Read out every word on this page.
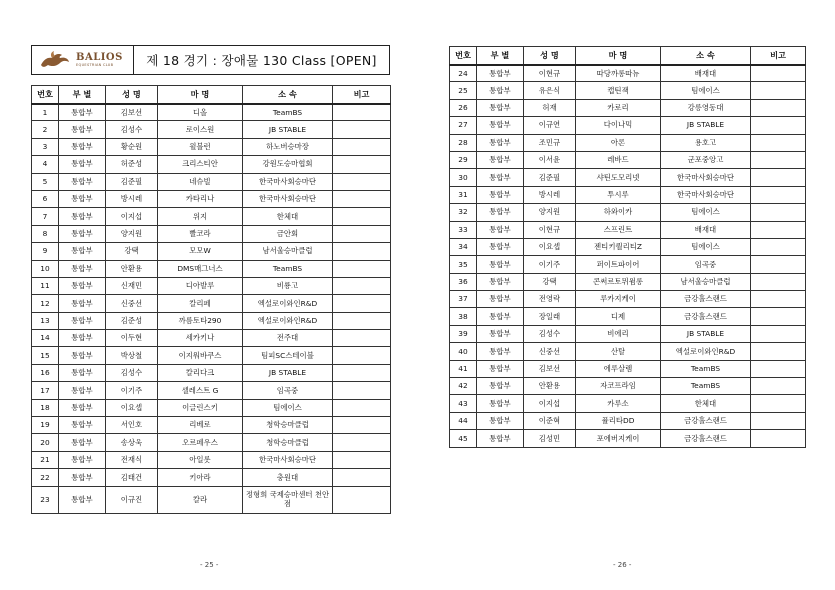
BALIOS
EQUESTRIAN CLUB	제 18 경기 : 장애물 130 Class [OPEN]
번호	부 별	성 명	마 명	소 속	비고
1	통합부	김보선	디올	TeamBS	
2	통합부	김성수	로이스원	JB STABLE	
3	통합부	황순원	윌블런	하노버승마장	
4	통합부	허준성	크리스티안	강원도승마협회	
5	통합부	김준필	네슈빌	한국마사회승마단	
6	통합부	방시레	카타리나	한국마사회승마단	
7	통합부	이지섭	위지	한체대	
8	통합부	양지원	빨코라	금안회	
9	통합부	강택	모모W	남서울승마클럽	
10	통합부	안환용	DMS매그너스	TeamBS	
11	통합부	신재민	디아발루	비룡고	
12	통합부	신중선	칼리페	엑설로이와인R&D	
13	통합부	김준성	까름토타290	엑설로이와인R&D	
14	통합부	이두현	세카키나	전주대	
15	통합부	박상철	이지워바쿠스	팀피SC스테이블	
16	통합부	김성수	칼리다크	JB STABLE	
17	통합부	이기주	셀레스트 G	임곡중	
18	통합부	이요셉	이글린스키	팀에이스	
19	통합부	서인호	리베로	청학승마클럽	
20	통합부	송상욱	오르페우스	청학승마클럽	
21	통합부	전재식	아일롯	한국마사회승마단	
22	통합부	김태건	키아라	충원대	
23	통합부	이규진	칼라	정형희 국제승마센터 천안점	
- 25 -
번호	부 별	성 명	마 명	소 속	비고
24	통합부	이현규	따당까롱따뉴	배재대	
25	통합부	유은식	캡틴잭	팀에이스	
26	통합부	허재	카로리	강릉영동대	
27	통합부	이규연	다이나믹	JB STABLE	
28	통합부	조민규	아론	용호고	
29	통합부	이서윤	레바드	군포중앙고	
30	통합부	김준필	샤틴도모리넷	한국마사회승마단	
31	통합부	방시레	투시루	한국마사회승마단	
32	통합부	양지원	하와이카	팀에이스	
33	통합부	이현규	스프린트	배재대	
34	통합부	이요셉	젠티키퀄리티Z	팀에이스	
35	통합부	이기주	퍼이트파이어	임곡중	
36	통합부	강택	콘써르토뮈윔롱	남서울승마클럽	
37	통합부	전영락	루카지케이	금강홀스랜드	
38	통합부	장일래	디제	금강홀스랜드	
39	통합부	김성수	비에리	JB STABLE	
40	통합부	신중선	산탈	엑설로이와인R&D	
41	통합부	김보선	에루살렘	TeamBS	
42	통합부	안환용	자코프라임	TeamBS	
43	통합부	이지섭	카루소	한체대	
44	통합부	이준혁	퓰리타DD	금강홀스랜드	
45	통합부	김성민	포에버지케이	금강홀스랜드	
- 26 -
